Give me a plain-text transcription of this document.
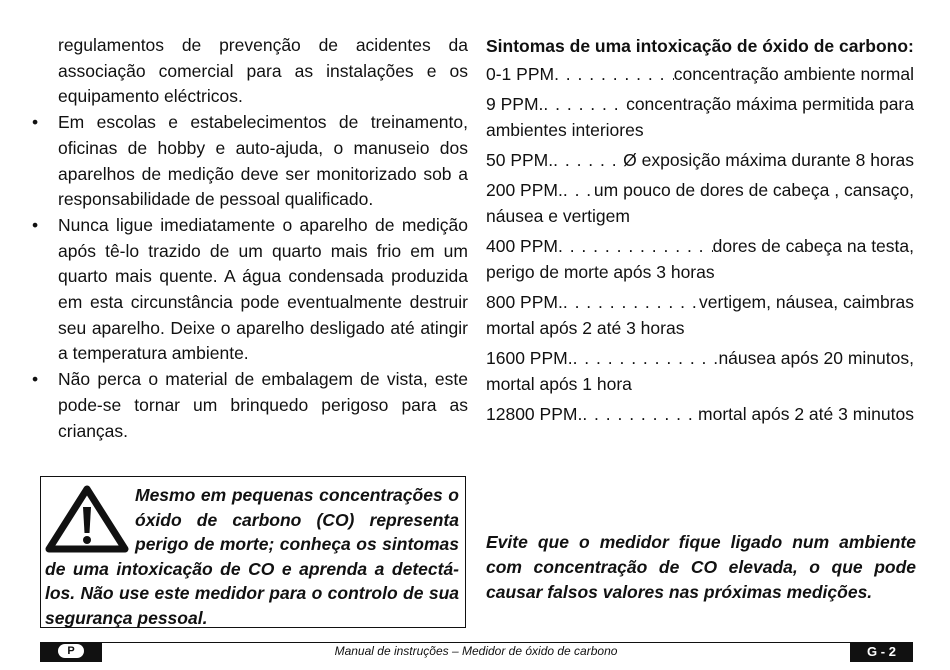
regulamentos de prevenção de acidentes da associação comercial para as instalações e os equipamento eléctricos.

• Em escolas e estabelecimentos de treinamento, oficinas de hobby e auto-ajuda, o manuseio dos aparelhos de medição deve ser monitorizado sob a responsabilidade de pessoal qualificado.

• Nunca ligue imediatamente o aparelho de medição após tê-lo trazido de um quarto mais frio em um quarto mais quente. A água condensada produzida em esta circunstância pode eventualmente destruir seu aparelho. Deixe o aparelho desligado até atingir a temperatura ambiente.

• Não perca o material de embalagem de vista, este pode-se tornar um brinquedo perigoso para as crianças.

Sintomas de uma intoxicação de óxido de carbono:
0-1 PPM . . .	concentração ambiente normal
9 PPM. . . .	concentração máxima permitida para
ambientes interiores
50 PPM. . . .	Ø exposição máxima durante 8 horas
200 PPM. . . . um pouco de dores de cabeça , cansaço,
náusea e vertigem
400 PPM . . .	dores de cabeça na testa,
perigo de morte após 3 horas
800 PPM. . . .	vertigem, náusea, caimbras
mortal após 2 até 3 horas
1600 PPM. . . .	náusea após 20 minutos,
mortal após 1 hora
12800 PPM. . . .	mortal após 2 até 3 minutos
Mesmo em pequenas concentrações o óxido de carbono (CO) representa perigo de morte; conheça os sintomas de uma intoxicação de CO e aprenda a detectá-los. Não use este medidor para o controlo de sua segurança pessoal.
Evite que o medidor fique ligado num ambiente com concentração de CO elevada, o que pode causar falsos valores nas próximas medições.
P	Manual de instruções – Medidor de óxido de carbono	G - 2
